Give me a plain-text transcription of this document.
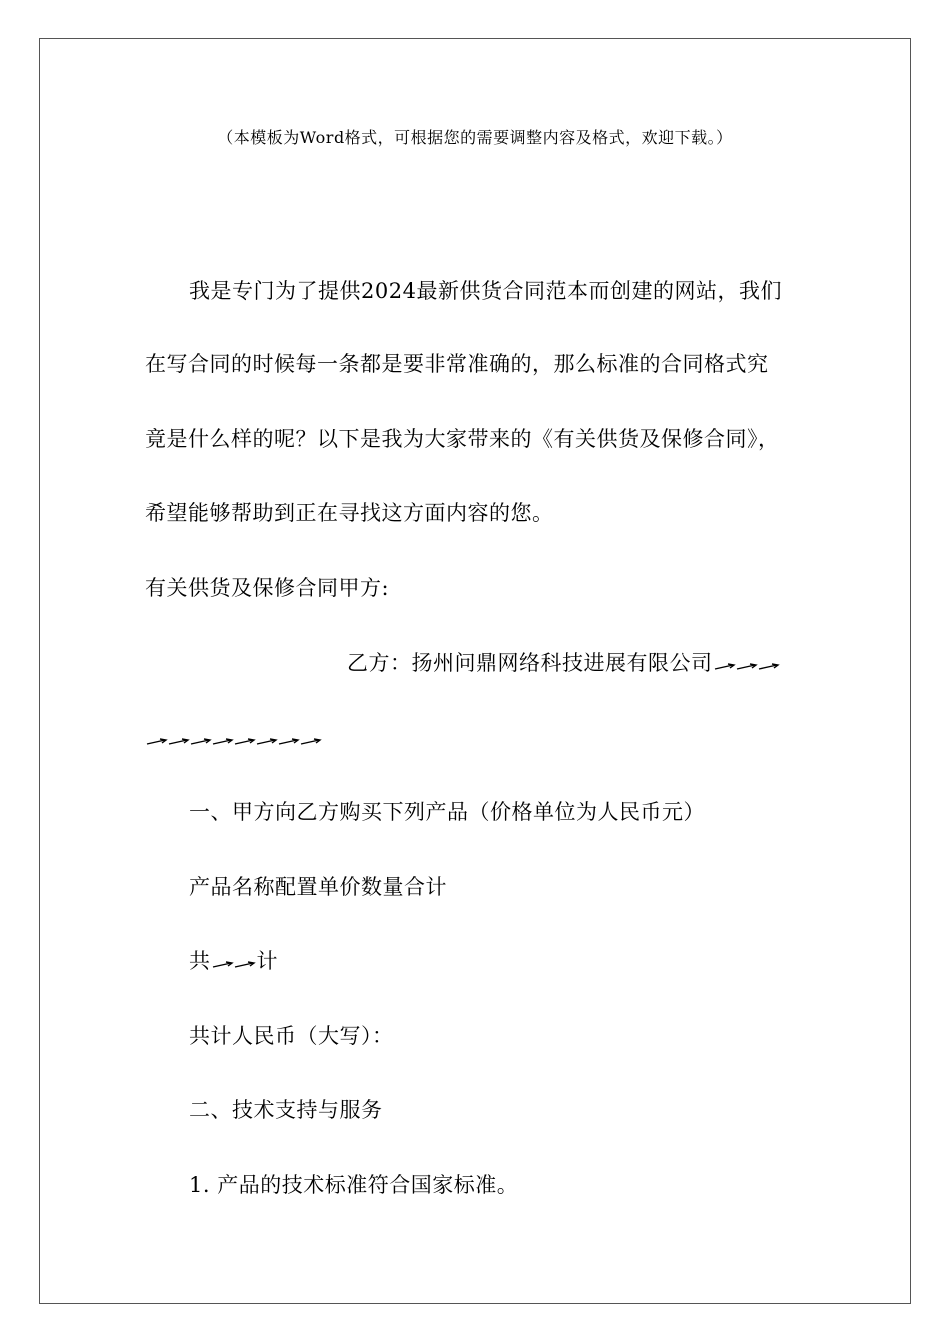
（本模板为Word格式，可根据您的需要调整内容及格式，欢迎下载。）
我是专门为了提供2024最新供货合同范本而创建的网站，我们
在写合同的时候每一条都是要非常准确的，那么标准的合同格式究
竟是什么样的呢？以下是我为大家带来的《有关供货及保修合同》，
希望能够帮助到正在寻找这方面内容的您。
有关供货及保修合同甲方:
乙方：扬州问鼎网络科技进展有限公司
一、甲方向乙方购买下列产品（价格单位为人民币元）
产品名称配置单价数量合计
共 计
共计人民币（大写）：
二、技术支持与服务
1. 产品的技术标准符合国家标准。
